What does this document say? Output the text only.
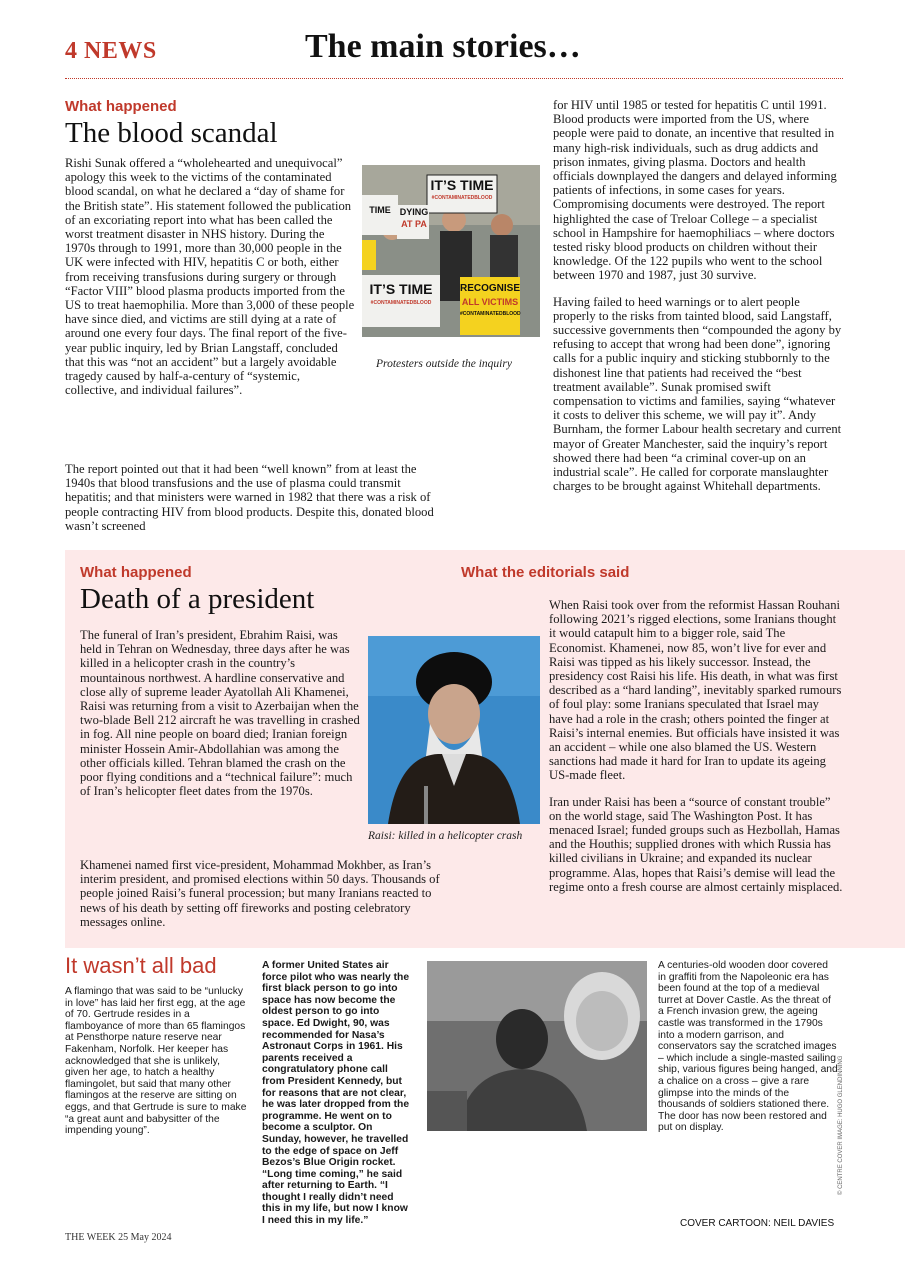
4 NEWS	The main stories…
What happened
The blood scandal
Rishi Sunak offered a “wholehearted and unequivocal” apology this week to the victims of the contaminated blood scandal, on what he declared a “day of shame for the British state”. His statement followed the publication of an excoriating report into what has been called the worst treatment disaster in NHS history. During the 1970s through to 1991, more than 30,000 people in the UK were infected with HIV, hepatitis C or both, either from receiving transfusions during surgery or through “Factor VIII” blood plasma products imported from the US to treat haemophilia. More than 3,000 of these people have since died, and victims are still dying at a rate of around one every four days. The final report of the five-year public inquiry, led by Brian Langstaff, concluded that this was “not an accident” but a largely avoidable tragedy caused by half-a-century of “systemic, collective, and individual failures”.
IT’S TIME
#CONTAMINATEDBLOOD
TIME DYING
AT PA
IT’S TIME
#CONTAMINATEDBLOOD
RECOGNISE
ALL VICTIMS
#CONTAMINATEDBLOOD
Protesters outside the inquiry
The report pointed out that it had been “well known” from at least the 1940s that blood transfusions and the use of plasma could transmit hepatitis; and that ministers were warned in 1982 that there was a risk of people contracting HIV from blood products. Despite this, donated blood wasn’t screened

for HIV until 1985 or tested for hepatitis C until 1991. Blood products were imported from the US, where people were paid to donate, an incentive that resulted in many high-risk individuals, such as drug addicts and prison inmates, giving plasma. Doctors and health officials downplayed the dangers and delayed informing patients of infections, in some cases for years. Compromising documents were destroyed. The report highlighted the case of Treloar College – a specialist school in Hampshire for haemophiliacs – where doctors tested risky blood products on children without their knowledge. Of the 122 pupils who went to the school between 1970 and 1987, just 30 survive.

Having failed to heed warnings or to alert people properly to the risks from tainted blood, said Langstaff, successive governments then “compounded the agony by refusing to accept that wrong had been done”, ignoring calls for a public inquiry and sticking stubbornly to the dishonest line that patients had received the “best treatment available”. Sunak promised swift compensation to victims and families, saying “whatever it costs to deliver this scheme, we will pay it”. Andy Burnham, the former Labour health secretary and current mayor of Greater Manchester, said the inquiry’s report showed there had been “a criminal cover-up on an industrial scale”. He called for corporate manslaughter charges to be brought against Whitehall departments.

What happened
Death of a president

The funeral of Iran’s president, Ebrahim Raisi, was held in Tehran on Wednesday, three days after he was killed in a helicopter crash in the country’s mountainous northwest. A hardline conservative and close ally of supreme leader Ayatollah Ali Khamenei, Raisi was returning from a visit to Azerbaijan when the two-blade Bell 212 aircraft he was travelling in crashed in fog. All nine people on board died; Iranian foreign minister Hossein Amir-Abdollahian was among the other officials killed. Tehran blamed the crash on the poor flying conditions and a “technical failure”: much of Iran’s helicopter fleet dates from the 1970s.

Khamenei named first vice-president, Mohammad Mokhber, as Iran’s interim president, and promised elections within 50 days. Thousands of people joined Raisi’s funeral procession; but many Iranians reacted to news of his death by setting off fireworks and posting celebratory messages online.

Raisi: killed in a helicopter crash
What the editorials said

When Raisi took over from the reformist Hassan Rouhani following 2021’s rigged elections, some Iranians thought it would catapult him to a bigger role, said The Economist. Khamenei, now 85, won’t live for ever and Raisi was tipped as his likely successor. Instead, the presidency cost Raisi his life. His death, in what was first described as a “hard landing”, inevitably sparked rumours of foul play: some Iranians speculated that Israel may have had a role in the crash; others pointed the finger at Raisi’s internal enemies. But officials have insisted it was an accident – while one also blamed the US. Western sanctions had made it hard for Iran to update its ageing US-made fleet.

Iran under Raisi has been a “source of constant trouble” on the world stage, said The Washington Post. It has menaced Israel; funded groups such as Hezbollah, Hamas and the Houthis; supplied drones with which Russia has killed civilians in Ukraine; and expanded its nuclear programme. Alas, hopes that Raisi’s demise will lead the regime onto a fresh course are almost certainly misplaced.

It wasn’t all bad
A flamingo that was said to be “unlucky in love” has laid her first egg, at the age of 70. Gertrude resides in a flamboyance of more than 65 flamingos at Pensthorpe nature reserve near Fakenham, Norfolk. Her keeper has acknowledged that she is unlikely, given her age, to hatch a healthy flamingolet, but said that many other flamingos at the reserve are sitting on eggs, and that Gertrude is sure to make “a great aunt and babysitter of the impending young”.
A former United States air force pilot who was nearly the first black person to go into space has now become the oldest person to go into space. Ed Dwight, 90, was recommended for Nasa’s Astronaut Corps in 1961. His parents received a congratulatory phone call from President Kennedy, but for reasons that are not clear, he was later dropped from the programme. He went on to become a sculptor. On Sunday, however, he travelled to the edge of space on Jeff Bezos’s Blue Origin rocket. “Long time coming,” he said after returning to Earth. “I thought I really didn’t need this in my life, but now I know I need this in my life.”
A centuries-old wooden door covered in graffiti from the Napoleonic era has been found at the top of a medieval turret at Dover Castle. As the threat of a French invasion grew, the ageing castle was transformed in the 1790s into a modern garrison, and conservators say the scratched images – which include a single-masted sailing ship, various figures being hanged, and a chalice on a cross – give a rare glimpse into the minds of the thousands of soldiers stationed there. The door has now been restored and put on display.
THE WEEK 25 May 2024
COVER CARTOON: NEIL DAVIES
© CENTRE COVER IMAGE: HUGO GLENDINNING
